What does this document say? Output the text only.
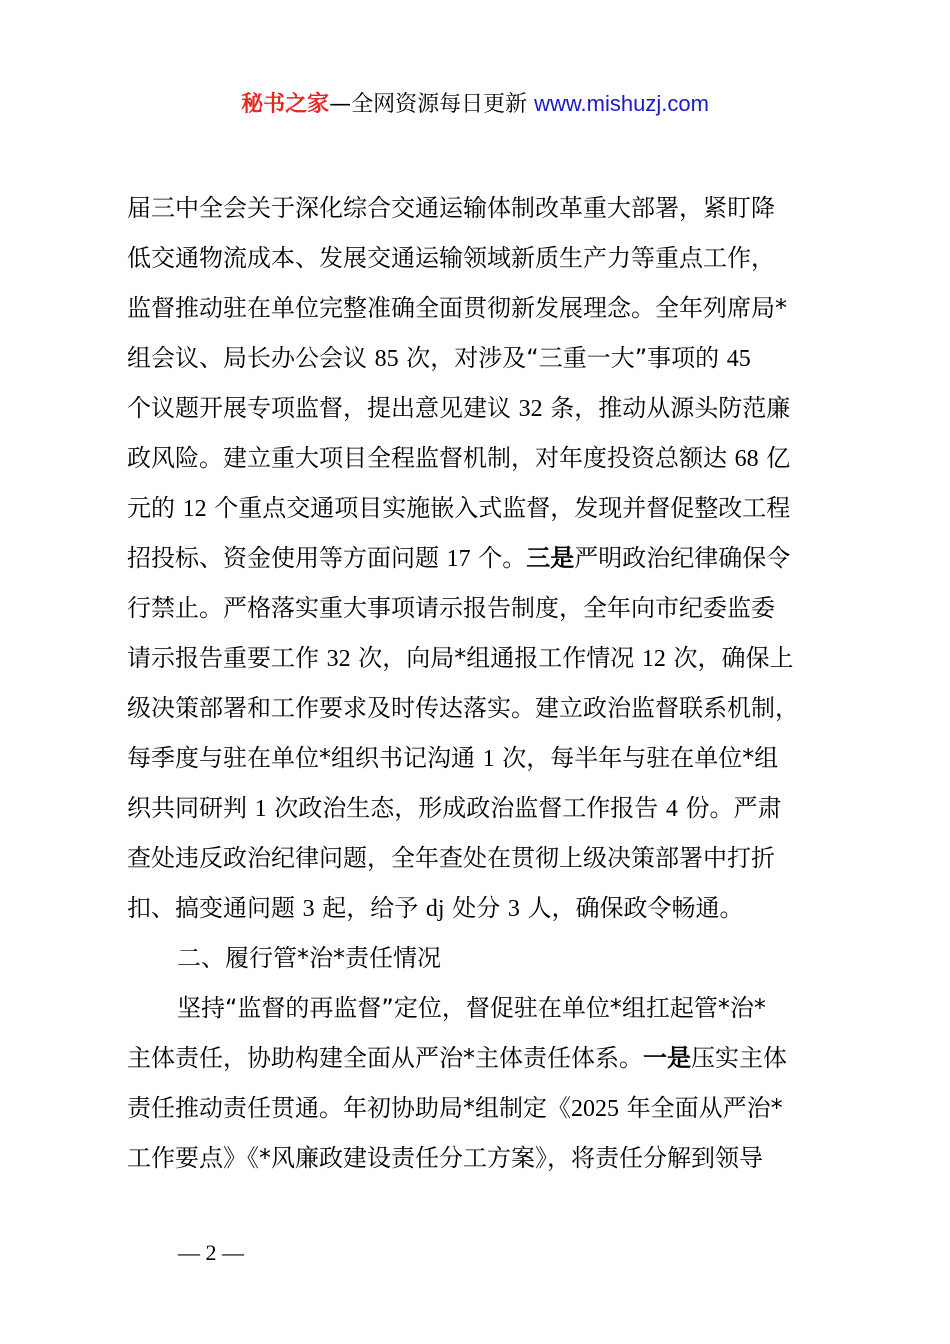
秘书之家—全网资源每日更新 www.mishuzj.com
届三中全会关于深化综合交通运输体制改革重大部署，紧盯降
低交通物流成本、发展交通运输领域新质生产力等重点工作，
监督推动驻在单位完整准确全面贯彻新发展理念。全年列席局*
组会议、局长办公会议 85 次，对涉及“三重一大”事项的 45
个议题开展专项监督，提出意见建议 32 条，推动从源头防范廉
政风险。建立重大项目全程监督机制，对年度投资总额达 68 亿
元的 12 个重点交通项目实施嵌入式监督，发现并督促整改工程
招投标、资金使用等方面问题 17 个。三是严明政治纪律确保令
行禁止。严格落实重大事项请示报告制度，全年向市纪委监委
请示报告重要工作 32 次，向局*组通报工作情况 12 次，确保上
级决策部署和工作要求及时传达落实。建立政治监督联系机制，
每季度与驻在单位*组织书记沟通 1 次，每半年与驻在单位*组
织共同研判 1 次政治生态，形成政治监督工作报告 4 份。严肃
查处违反政治纪律问题，全年查处在贯彻上级决策部署中打折
扣、搞变通问题 3 起，给予 dj 处分 3 人，确保政令畅通。
二、履行管*治*责任情况
坚持“监督的再监督”定位，督促驻在单位*组扛起管*治*
主体责任，协助构建全面从严治*主体责任体系。一是压实主体
责任推动责任贯通。年初协助局*组制定《2025 年全面从严治*
工作要点》《*风廉政建设责任分工方案》，将责任分解到领导
— 2 —
